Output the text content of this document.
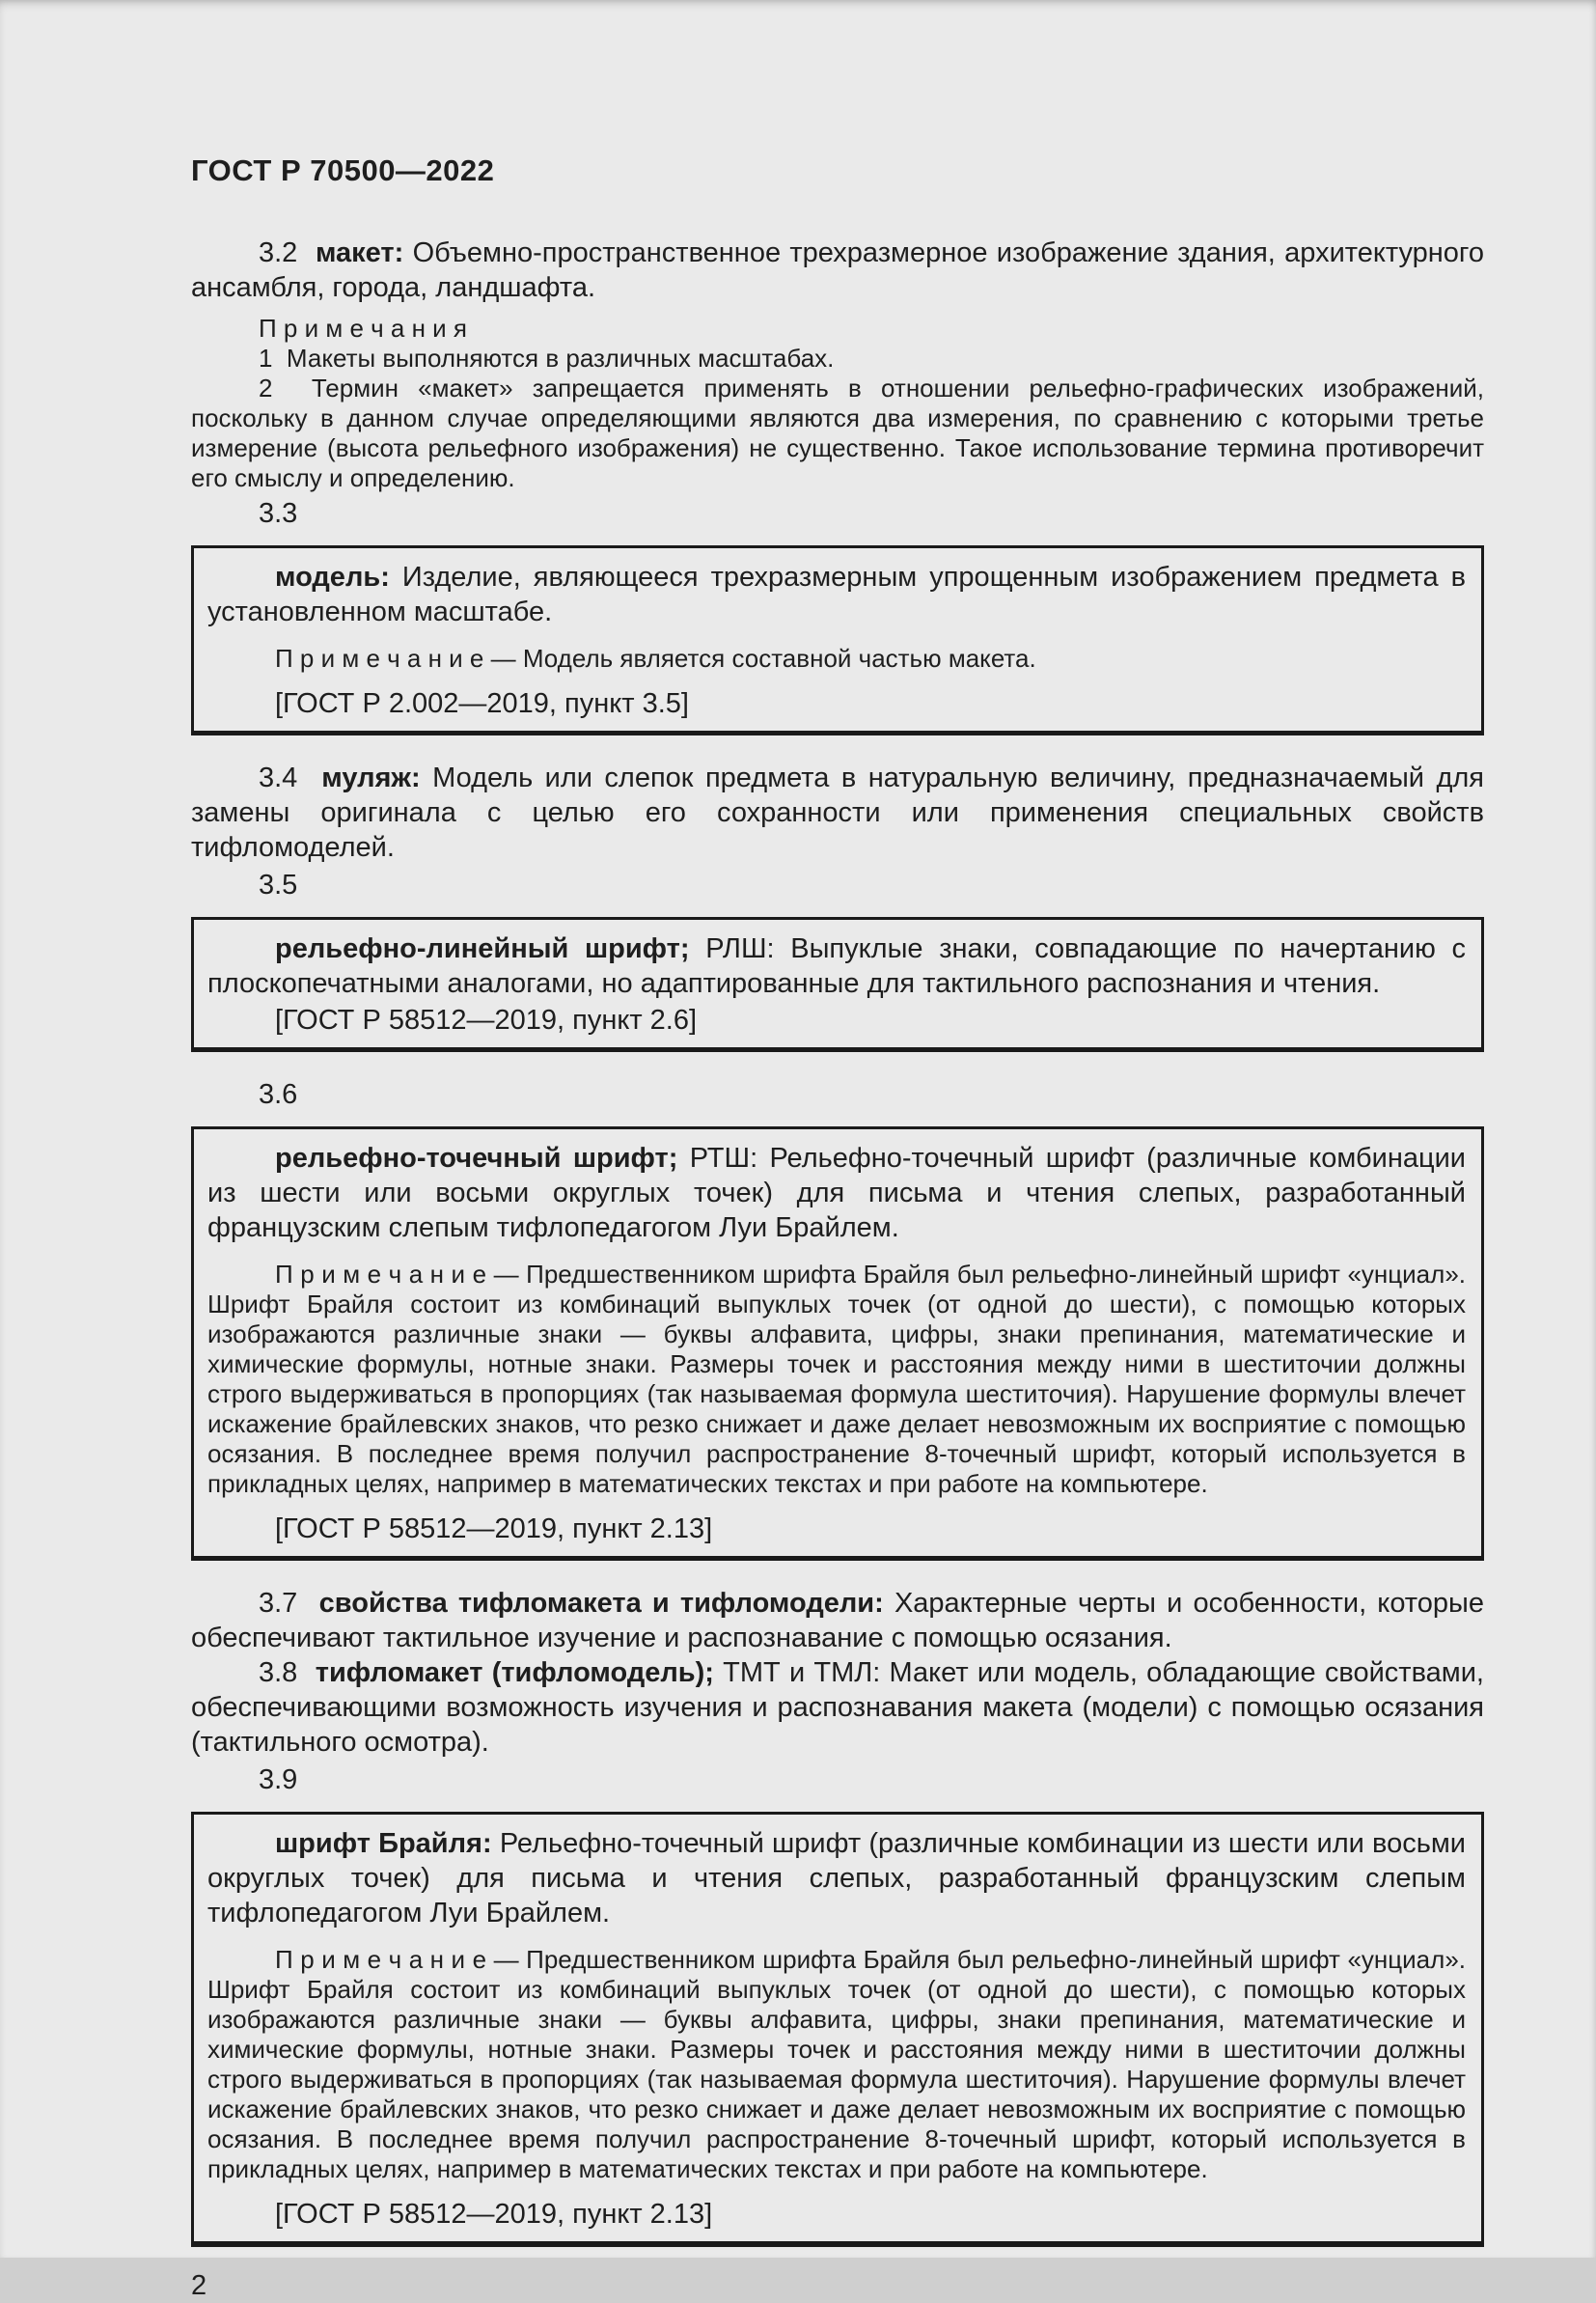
ГОСТ Р 70500—2022

3.2 макет: Объемно-пространственное трехразмерное изображение здания, архитектурного ансамбля, города, ландшафта.

П р и м е ч а н и я

1  Макеты выполняются в различных масштабах.

2  Термин «макет» запрещается применять в отношении рельефно-графических изображений, поскольку в данном случае определяющими являются два измерения, по сравнению с которыми третье измерение (высота рельефного изображения) не существенно. Такое использование термина противоречит его смыслу и определению.

3.3

модель: Изделие, являющееся трехразмерным упрощенным изображением предмета в установленном масштабе.

П р и м е ч а н и е — Модель является составной частью макета.

[ГОСТ Р 2.002—2019, пункт 3.5]

3.4 муляж: Модель или слепок предмета в натуральную величину, предназначаемый для замены оригинала с целью его сохранности или применения специальных свойств тифломоделей.

3.5

рельефно-линейный шрифт; РЛШ: Выпуклые знаки, совпадающие по начертанию с плоскопечатными аналогами, но адаптированные для тактильного распознания и чтения.

[ГОСТ Р 58512—2019, пункт 2.6]

3.6

рельефно-точечный шрифт; РТШ: Рельефно-точечный шрифт (различные комбинации из шести или восьми округлых точек) для письма и чтения слепых, разработанный французским слепым тифлопедагогом Луи Брайлем.

П р и м е ч а н и е — Предшественником шрифта Брайля был рельефно-линейный шрифт «унциал». Шрифт Брайля состоит из комбинаций выпуклых точек (от одной до шести), с помощью которых изображаются различные знаки — буквы алфавита, цифры, знаки препинания, математические и химические формулы, нотные знаки. Размеры точек и расстояния между ними в шеститочии должны строго выдерживаться в пропорциях (так называемая формула шеститочия). Нарушение формулы влечет искажение брайлевских знаков, что резко снижает и даже делает невозможным их восприятие с помощью осязания. В последнее время получил распространение 8-точечный шрифт, который используется в прикладных целях, например в математических текстах и при работе на компьютере.

[ГОСТ Р 58512—2019, пункт 2.13]

3.7 свойства тифломакета и тифломодели: Характерные черты и особенности, которые обеспечивают тактильное изучение и распознавание с помощью осязания.

3.8 тифломакет (тифломодель); ТМТ и ТМЛ: Макет или модель, обладающие свойствами, обеспечивающими возможность изучения и распознавания макета (модели) с помощью осязания (тактильного осмотра).

3.9

шрифт Брайля: Рельефно-точечный шрифт (различные комбинации из шести или восьми округлых точек) для письма и чтения слепых, разработанный французским слепым тифлопедагогом Луи Брайлем.

П р и м е ч а н и е — Предшественником шрифта Брайля был рельефно-линейный шрифт «унциал». Шрифт Брайля состоит из комбинаций выпуклых точек (от одной до шести), с помощью которых изображаются различные знаки — буквы алфавита, цифры, знаки препинания, математические и химические формулы, нотные знаки. Размеры точек и расстояния между ними в шеститочии должны строго выдерживаться в пропорциях (так называемая формула шеститочия). Нарушение формулы влечет искажение брайлевских знаков, что резко снижает и даже делает невозможным их восприятие с помощью осязания. В последнее время получил распространение 8-точечный шрифт, который используется в прикладных целях, например в математических текстах и при работе на компьютере.

[ГОСТ Р 58512—2019, пункт 2.13]

2
